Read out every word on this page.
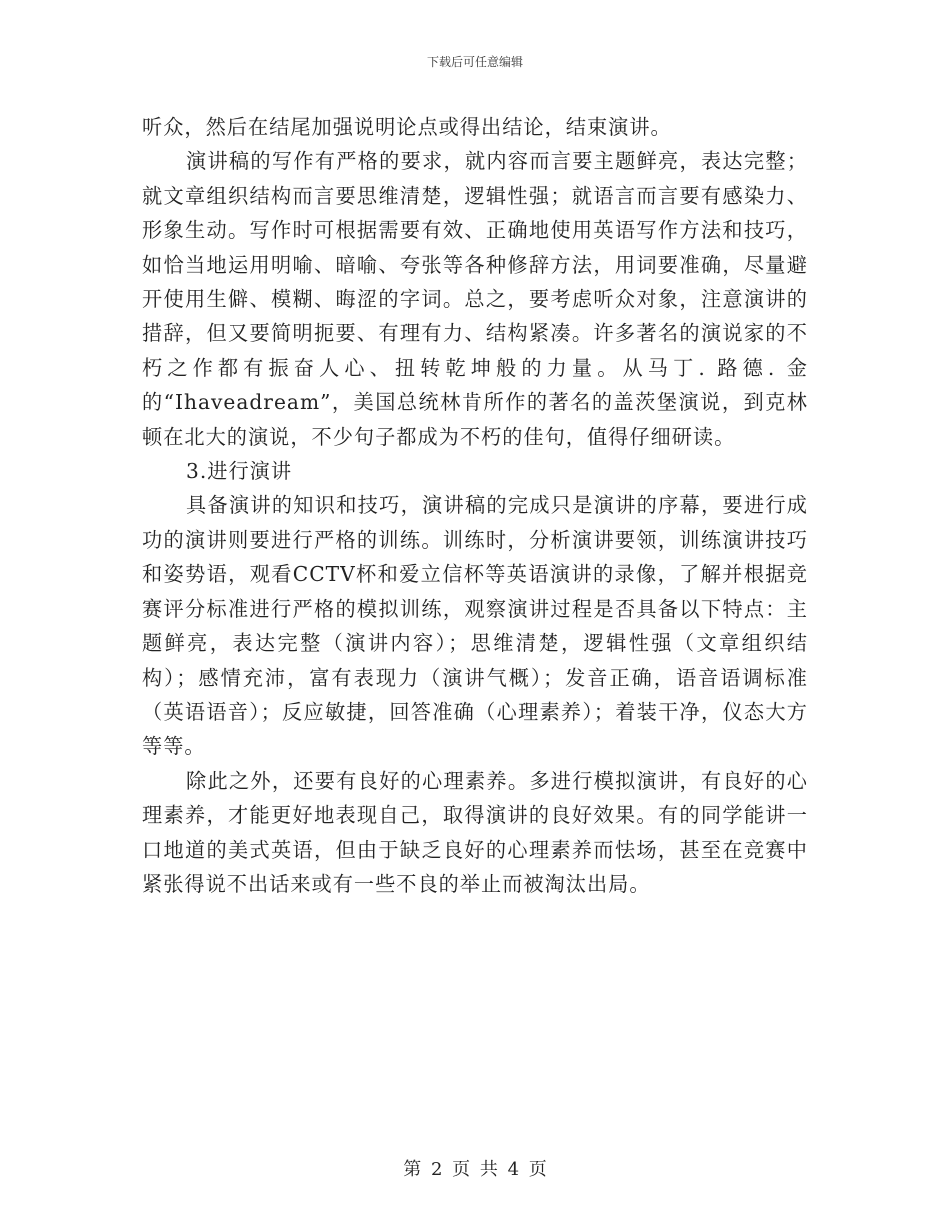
下载后可任意编辑

听众，然后在结尾加强说明论点或得出结论，结束演讲。

演讲稿的写作有严格的要求，就内容而言要主题鲜亮，表达完整；就文章组织结构而言要思维清楚，逻辑性强；就语言而言要有感染力、形象生动。写作时可根据需要有效、正确地使用英语写作方法和技巧，如恰当地运用明喻、暗喻、夸张等各种修辞方法，用词要准确，尽量避开使用生僻、模糊、晦涩的字词。总之，要考虑听众对象，注意演讲的措辞，但又要简明扼要、有理有力、结构紧凑。许多著名的演说家的不朽之作都有振奋人心、扭转乾坤般的力量。从马丁. 路德. 金的“Ihaveadream”，美国总统林肯所作的著名的盖茨堡演说，到克林顿在北大的演说，不少句子都成为不朽的佳句，值得仔细研读。

3.进行演讲

具备演讲的知识和技巧，演讲稿的完成只是演讲的序幕，要进行成功的演讲则要进行严格的训练。训练时，分析演讲要领，训练演讲技巧和姿势语，观看CCTV杯和爱立信杯等英语演讲的录像，了解并根据竞赛评分标准进行严格的模拟训练，观察演讲过程是否具备以下特点：主题鲜亮，表达完整（演讲内容）；思维清楚，逻辑性强（文章组织结构）；感情充沛，富有表现力（演讲气概）；发音正确，语音语调标准（英语语音）；反应敏捷，回答准确（心理素养）；着装干净，仪态大方等等。

除此之外，还要有良好的心理素养。多进行模拟演讲，有良好的心理素养，才能更好地表现自己，取得演讲的良好效果。有的同学能讲一口地道的美式英语，但由于缺乏良好的心理素养而怯场，甚至在竞赛中紧张得说不出话来或有一些不良的举止而被淘汰出局。

第 2 页 共 4 页
